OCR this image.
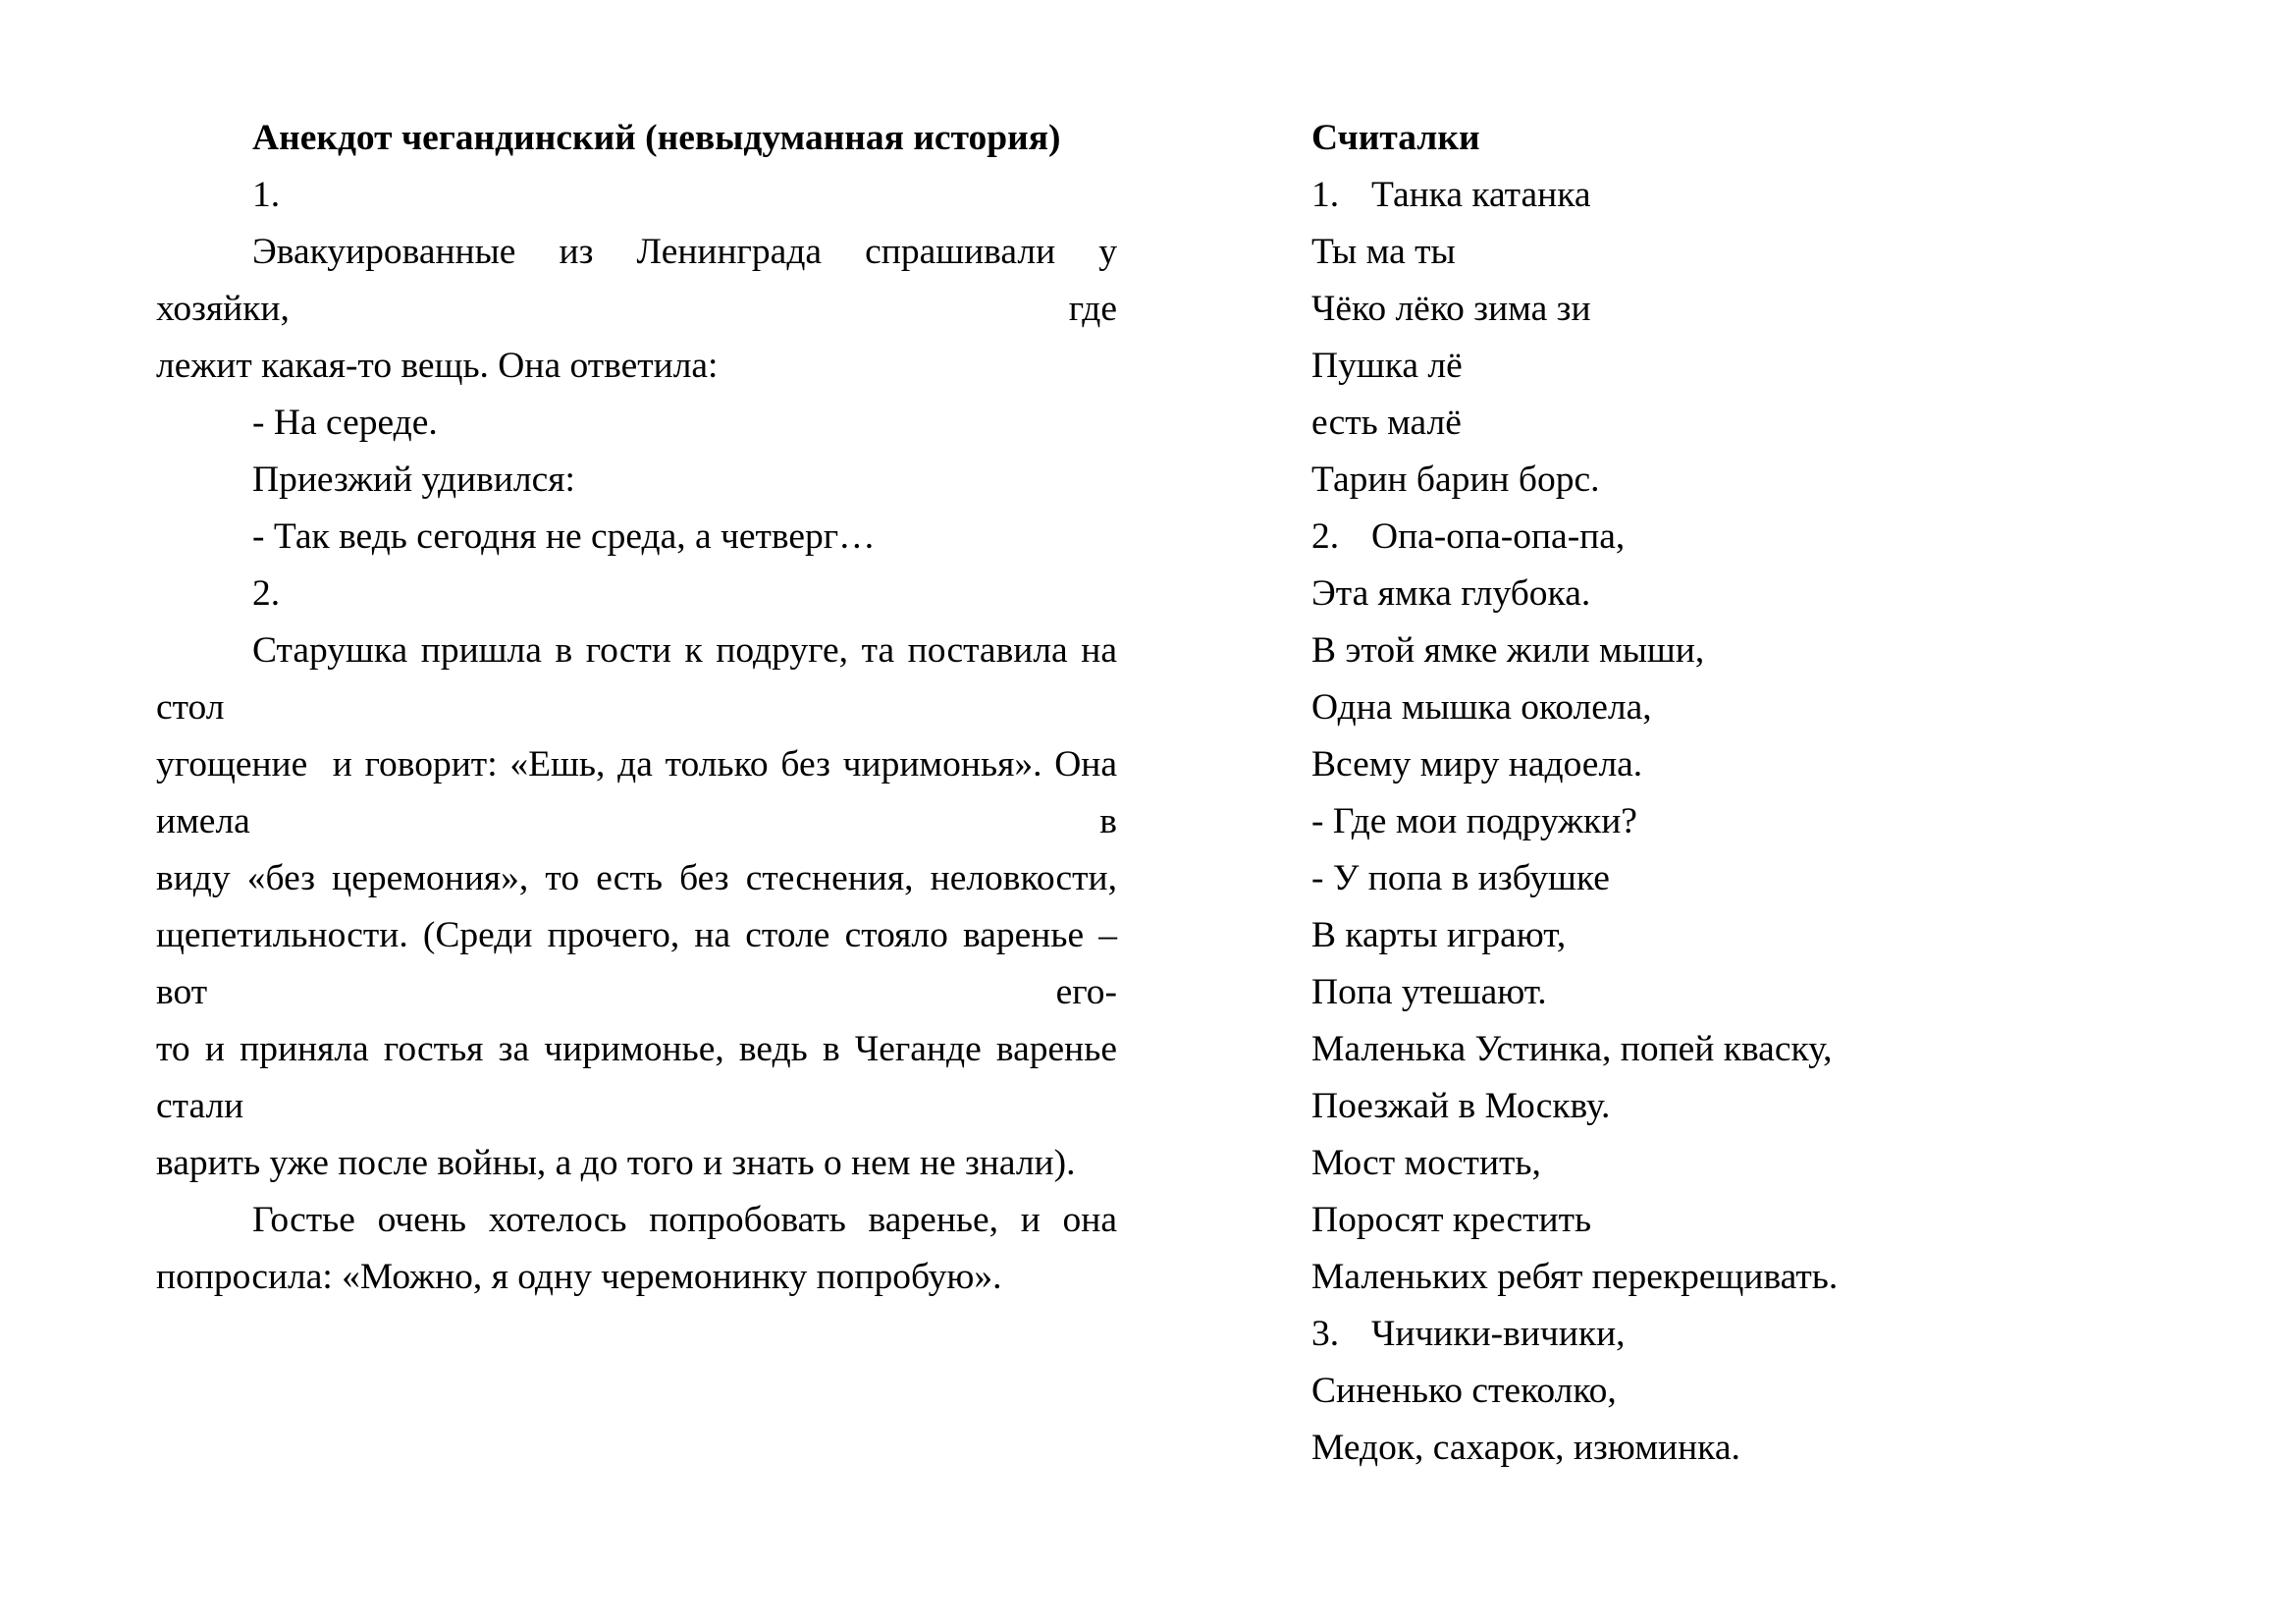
Анекдот чегандинский (невыдуманная история)
1.
Эвакуированные из Ленинграда спрашивали у хозяйки, где
лежит какая-то вещь. Она ответила:
- На середе.
Приезжий удивился:
- Так ведь сегодня не среда, а четверг…
2.
Старушка пришла в гости к подруге, та поставила на стол
угощение  и говорит: «Ешь, да только без чиримонья». Она имела в
виду «без церемония», то есть без стеснения, неловкости,
щепетильности. (Среди прочего, на столе стояло варенье – вот его-
то и приняла гостья за чиримонье, ведь в Чеганде варенье стали
варить уже после войны, а до того и знать о нем не знали).
Гостье очень хотелось попробовать варенье, и она
попросила: «Можно, я одну черемонинку попробую».
Считалки
1. Танка катанка
Ты ма ты
Чёко лёко зима зи
Пушка лё
есть малё
Тарин барин борс.
2. Опа-опа-опа-па,
Эта ямка глубока.
В этой ямке жили мыши,
Одна мышка околела,
Всему миру надоела.
- Где мои подружки?
- У попа в избушке
В карты играют,
Попа утешают.
Маленька Устинка, попей кваску,
Поезжай в Москву.
Мост мостить,
Поросят крестить
Маленьких ребят перекрещивать.
3. Чичики-вичики,
Синенько стеколко,
Медок, сахарок, изюминка.
